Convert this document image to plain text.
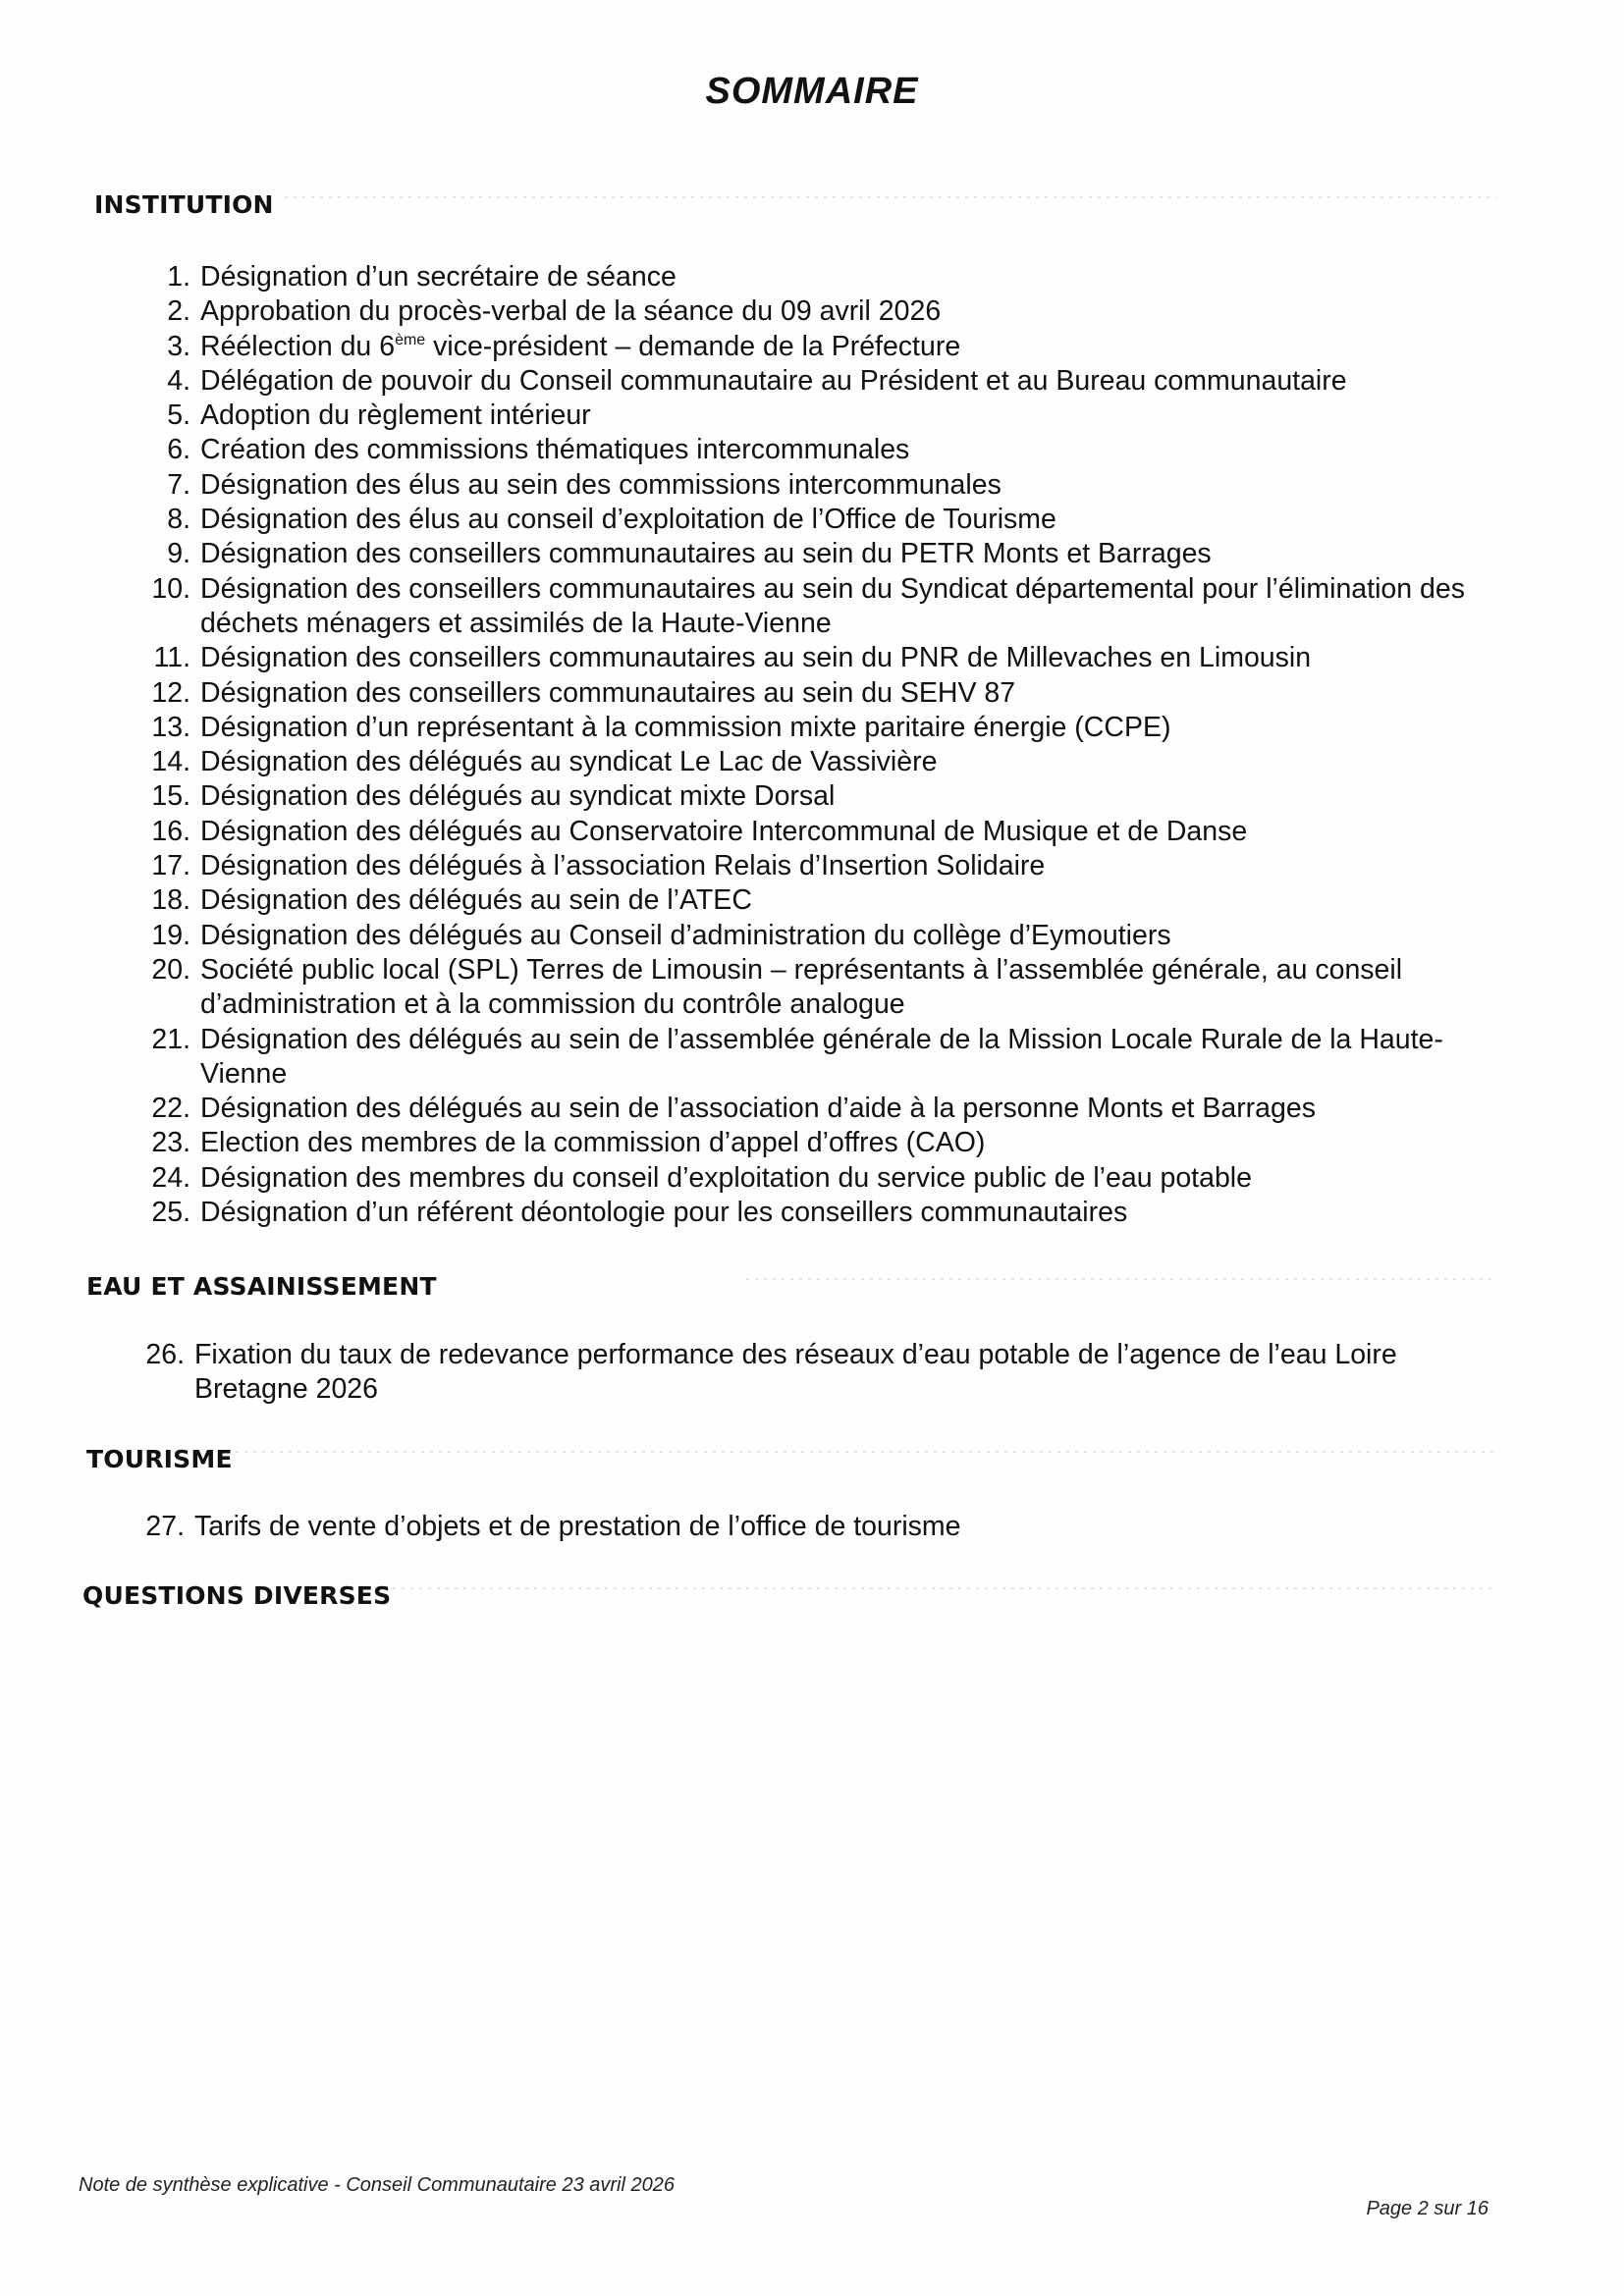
SOMMAIRE
INSTITUTION
1. Désignation d’un secrétaire de séance
2. Approbation du procès-verbal de la séance du 09 avril 2026
3. Réélection du 6ème vice-président – demande de la Préfecture
4. Délégation de pouvoir du Conseil communautaire au Président et au Bureau communautaire
5. Adoption du règlement intérieur
6. Création des commissions thématiques intercommunales
7. Désignation des élus au sein des commissions intercommunales
8. Désignation des élus au conseil d’exploitation de l’Office de Tourisme
9. Désignation des conseillers communautaires au sein du PETR Monts et Barrages
10. Désignation des conseillers communautaires au sein du Syndicat départemental pour l’élimination des déchets ménagers et assimilés de la Haute-Vienne
11. Désignation des conseillers communautaires au sein du PNR de Millevaches en Limousin
12. Désignation des conseillers communautaires au sein du SEHV 87
13. Désignation d’un représentant à la commission mixte paritaire énergie (CCPE)
14. Désignation des délégués au syndicat Le Lac de Vassivière
15. Désignation des délégués au syndicat mixte Dorsal
16. Désignation des délégués au Conservatoire Intercommunal de Musique et de Danse
17. Désignation des délégués à l’association Relais d’Insertion Solidaire
18. Désignation des délégués au sein de l’ATEC
19. Désignation des délégués au Conseil d’administration du collège d’Eymoutiers
20. Société public local (SPL) Terres de Limousin – représentants à l’assemblée générale, au conseil d’administration et à la commission du contrôle analogue
21. Désignation des délégués au sein de l’assemblée générale de la Mission Locale Rurale de la Haute-Vienne
22. Désignation des délégués au sein de l’association d’aide à la personne Monts et Barrages
23. Election des membres de la commission d’appel d’offres (CAO)
24. Désignation des membres du conseil d’exploitation du service public de l’eau potable
25. Désignation d’un référent déontologie pour les conseillers communautaires
EAU ET ASSAINISSEMENT
26. Fixation du taux de redevance performance des réseaux d’eau potable de l’agence de l’eau Loire Bretagne 2026
TOURISME
27. Tarifs de vente d’objets et de prestation de l’office de tourisme
QUESTIONS DIVERSES
Note de synthèse explicative - Conseil Communautaire 23 avril 2026
Page 2 sur 16
